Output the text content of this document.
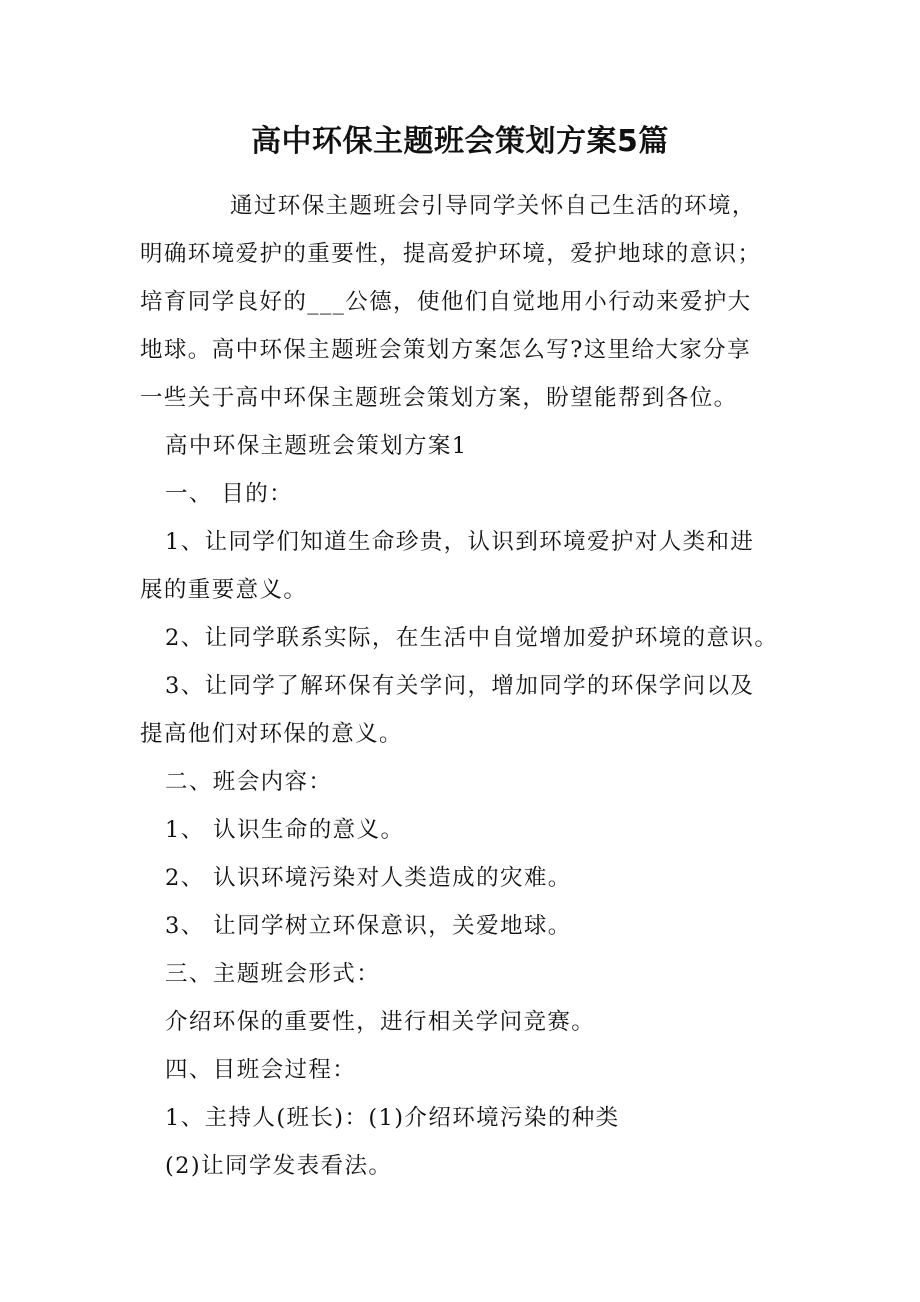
高中环保主题班会策划方案5篇

通过环保主题班会引导同学关怀自己生活的环境，

明确环境爱护的重要性，提高爱护环境，爱护地球的意识；

培育同学良好的___公德，使他们自觉地用小行动来爱护大

地球。高中环保主题班会策划方案怎么写?这里给大家分享

一些关于高中环保主题班会策划方案，盼望能帮到各位。

高中环保主题班会策划方案1

一、 目的：

1、让同学们知道生命珍贵，认识到环境爱护对人类和进

展的重要意义。

2、让同学联系实际，在生活中自觉增加爱护环境的意识。

3、让同学了解环保有关学问，增加同学的环保学问以及

提高他们对环保的意义。

二、班会内容：

1、 认识生命的意义。

2、 认识环境污染对人类造成的灾难。

3、 让同学树立环保意识，关爱地球。

三、主题班会形式：

介绍环保的重要性，进行相关学问竞赛。

四、目班会过程：

1、主持人(班长)：(1)介绍环境污染的种类

(2)让同学发表看法。
